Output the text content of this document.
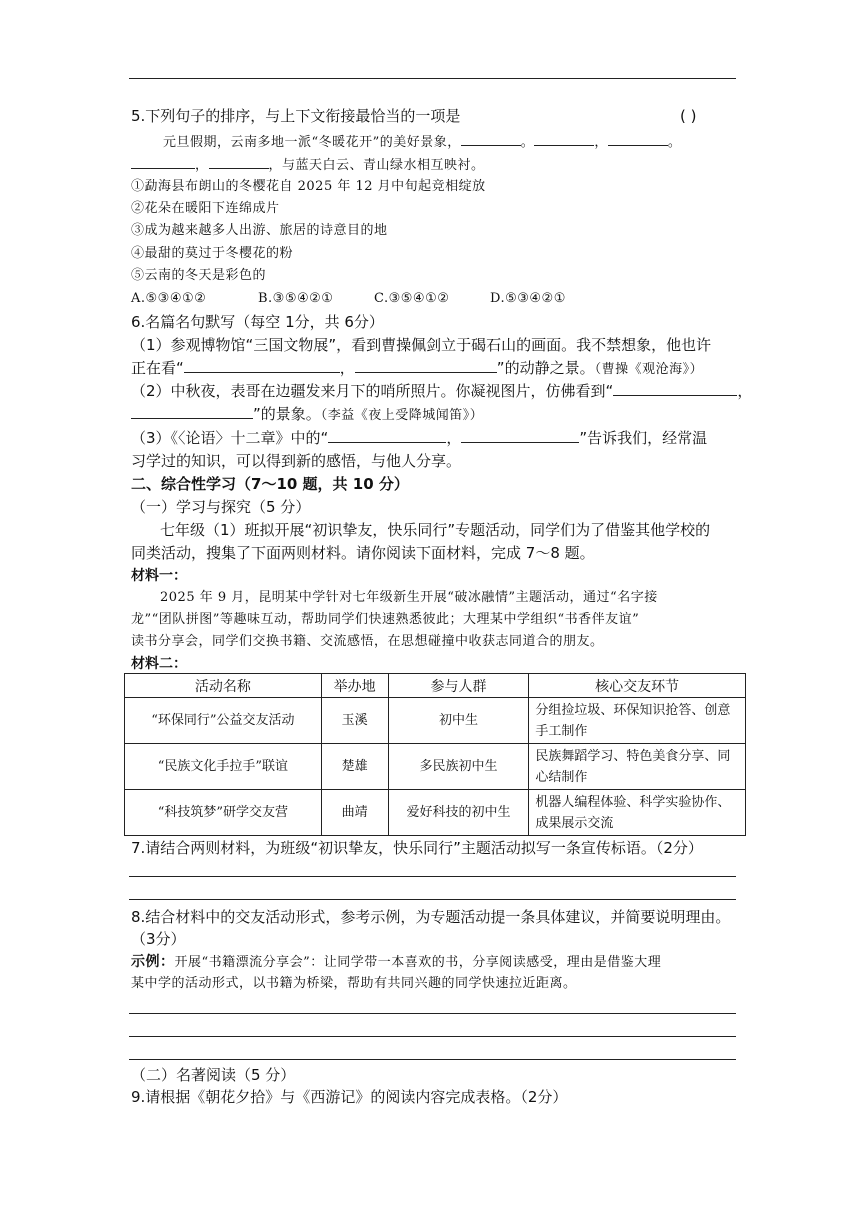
5.下列句子的排序，与上下文衔接最恰当的一项是	( )
元旦假期，云南多地一派“冬暖花开”的美好景象，	。	，	。
，	，与蓝天白云、青山绿水相互映衬。
①勐海县布朗山的冬樱花自 2025 年 12 月中旬起竞相绽放
②花朵在暖阳下连绵成片
③成为越来越多人出游、旅居的诗意目的地
④最甜的莫过于冬樱花的粉
⑤云南的冬天是彩色的
A.⑤③④①②	B.③⑤④②①	C.③⑤④①②	D.⑤③④②①
6.名篇名句默写（每空 1分，共 6分）
（1）参观博物馆“三国文物展”，看到曹操佩剑立于碣石山的画面。我不禁想象，他也许
正在看“	，	”的动静之景。（曹操《观沧海》）
（2）中秋夜，表哥在边疆发来月下的哨所照片。你凝视图片，仿佛看到“	，
”的景象。（李益《夜上受降城闻笛》）
（3）《〈论语〉十二章》中的“	，	”告诉我们，经常温
习学过的知识，可以得到新的感悟，与他人分享。
二、综合性学习（7～10 题，共 10 分）
（一）学习与探究（5 分）
七年级（1）班拟开展“初识挚友，快乐同行”专题活动，同学们为了借鉴其他学校的
同类活动，搜集了下面两则材料。请你阅读下面材料，完成 7～8 题。
材料一：
2025 年 9 月，昆明某中学针对七年级新生开展“破冰融情”主题活动，通过“名字接
龙”“团队拼图”等趣味互动，帮助同学们快速熟悉彼此；大理某中学组织“书香伴友谊”
读书分享会，同学们交换书籍、交流感悟，在思想碰撞中收获志同道合的朋友。
材料二：
活动名称	举办地	参与人群	核心交友环节
“环保同行”公益交友活动	玉溪	初中生	分组捡垃圾、环保知识抢答、创意手工制作
“民族文化手拉手”联谊	楚雄	多民族初中生	民族舞蹈学习、特色美食分享、同心结制作
“科技筑梦”研学交友营	曲靖	爱好科技的初中生	机器人编程体验、科学实验协作、成果展示交流
7.请结合两则材料，为班级“初识挚友，快乐同行”主题活动拟写一条宣传标语。（2分）
8.结合材料中的交友活动形式，参考示例，为专题活动提一条具体建议，并简要说明理由。
（3分）
示例：开展“书籍漂流分享会”：让同学带一本喜欢的书，分享阅读感受，理由是借鉴大理
某中学的活动形式，以书籍为桥梁，帮助有共同兴趣的同学快速拉近距离。
（二）名著阅读（5 分）
9.请根据《朝花夕拾》与《西游记》的阅读内容完成表格。（2分）
